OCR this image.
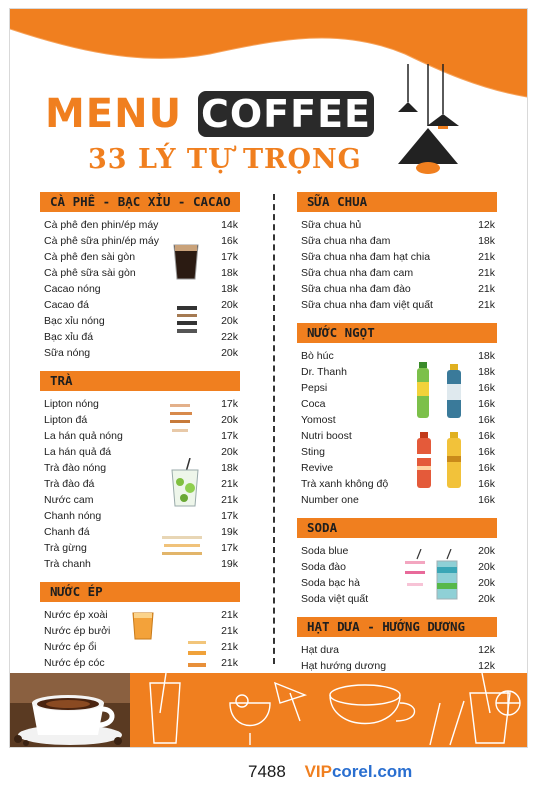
MENU COFFEE
33 LÝ TỰ TRỌNG
CÀ PHÊ - BẠC XỈU - CACAO
Cà phê đen phin/ép máy	14k
Cà phê sữa phin/ép máy	16k
Cà phê đen sài gòn	17k
Cà phê sữa sài gòn	18k
Cacao nóng	18k
Cacao đá	20k
Bạc xỉu nóng	20k
Bạc xỉu đá	22k
Sữa nóng	20k
TRÀ
Lipton nóng	17k
Lipton đá	20k
La hán quả nóng	17k
La hán quả đá	20k
Trà đào nóng	18k
Trà đào đá	21k
Nước cam	21k
Chanh nóng	17k
Chanh đá	19k
Trà gừng	17k
Trà chanh	19k
NƯỚC ÉP
Nước ép xoài	21k
Nước ép bưởi	21k
Nước ép ổi	21k
Nước ép cóc	21k
SỮA CHUA
Sữa chua hủ	12k
Sữa chua nha đam	18k
Sữa chua nha đam hạt chia	21k
Sữa chua nha đam cam	21k
Sữa chua nha đam đào	21k
Sữa chua nha đam việt quất	21k
NƯỚC NGỌT
Bò húc	18k
Dr. Thanh	18k
Pepsi	16k
Coca	16k
Yomost	16k
Nutri boost	16k
Sting	16k
Revive	16k
Trà xanh không độ	16k
Number one	16k
SODA
Soda blue	20k
Soda đào	20k
Soda bạc hà	20k
Soda việt quất	20k
HẠT DƯA - HƯỚNG DƯƠNG
Hạt dưa	12k
Hạt hướng dương	12k
7488 VIPcorel.com
